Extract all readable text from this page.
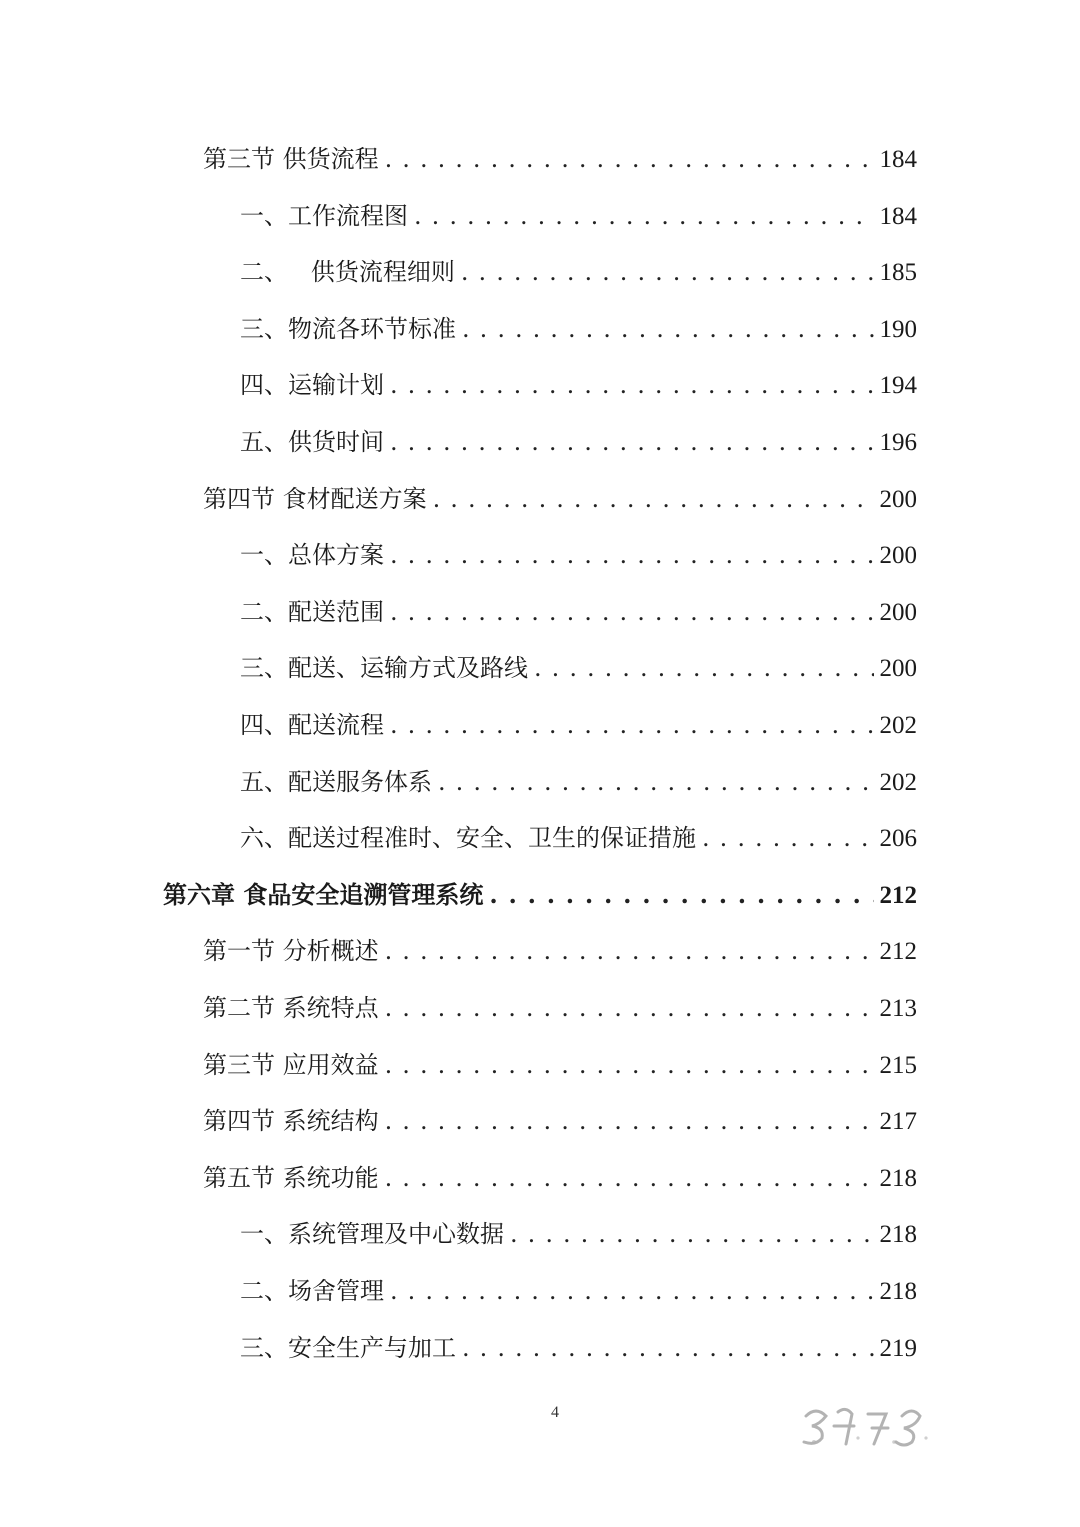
第三节 供货流程 . . .	184
一、工作流程图 . . .	184
二、   供货流程细则 . . .	185
三、物流各环节标准 . . .	190
四、运输计划 . . .	194
五、供货时间 . . .	196
第四节 食材配送方案 . . .	200
一、总体方案 . . .	200
二、配送范围 . . .	200
三、配送、运输方式及路线 . . .	200
四、配送流程 . . .	202
五、配送服务体系 . . .	202
六、配送过程准时、安全、卫生的保证措施 . . .	206
第六章 食品安全追溯管理系统 . . .	212
第一节 分析概述 . . .	212
第二节 系统特点 . . .	213
第三节 应用效益 . . .	215
第四节 系统结构 . . .	217
第五节 系统功能 . . .	218
一、系统管理及中心数据 . . .	218
二、场舍管理 . . .	218
三、安全生产与加工 . . .	219
4
